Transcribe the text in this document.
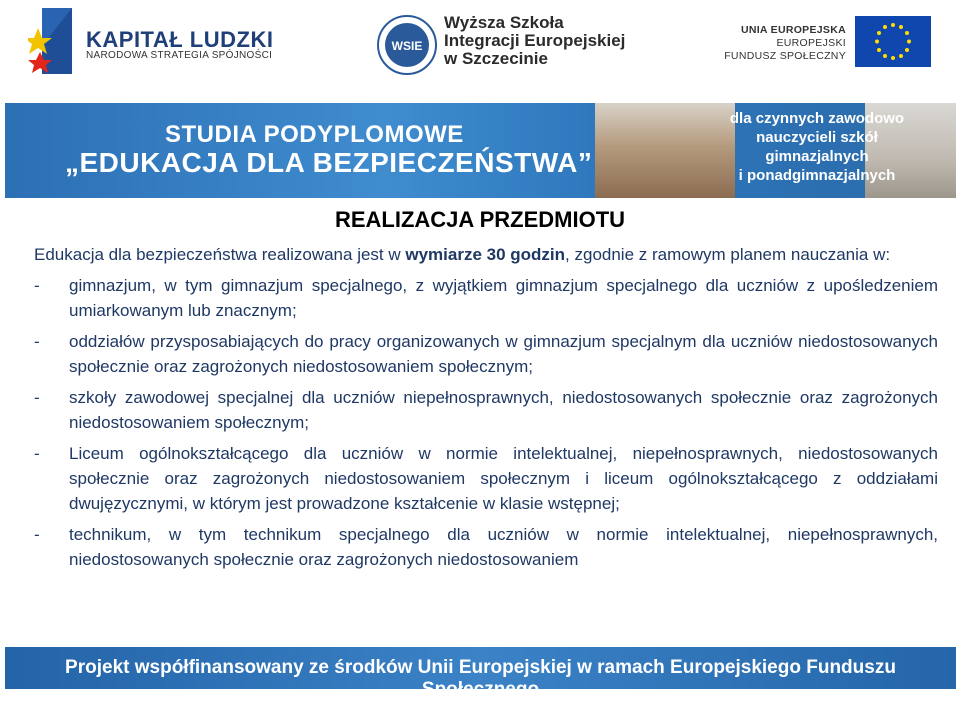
KAPITAŁ LUDZKI
NARODOWA STRATEGIA SPÓJNOŚCI
WSIE
Wyższa Szkoła
Integracji Europejskiej
w Szczecinie
UNIA EUROPEJSKA
EUROPEJSKI
FUNDUSZ SPOŁECZNY
STUDIA PODYPLOMOWE
„EDUKACJA DLA BEZPIECZEŃSTWA”
dla czynnych zawodowo
nauczycieli szkół
gimnazjalnych
i ponadgimnazjalnych
REALIZACJA PRZEDMIOTU

Edukacja dla bezpieczeństwa realizowana jest w wymiarze 30 godzin, zgodnie z ramowym planem nauczania w:

- gimnazjum, w tym gimnazjum specjalnego, z wyjątkiem gimnazjum specjalnego dla uczniów z upośledzeniem umiarkowanym lub znacznym;
- oddziałów przysposabiających do pracy organizowanych w gimnazjum specjalnym dla uczniów niedostosowanych społecznie oraz zagrożonych niedostosowaniem społecznym;
- szkoły zawodowej specjalnej dla uczniów niepełnosprawnych, niedostosowanych społecznie oraz zagrożonych niedostosowaniem społecznym;
- Liceum ogólnokształcącego dla uczniów w normie intelektualnej, niepełnosprawnych, niedostosowanych społecznie oraz zagrożonych niedostosowaniem społecznym i liceum ogólnokształcącego z oddziałami dwujęzycznymi, w którym jest prowadzone kształcenie w klasie wstępnej;
- technikum, w tym technikum specjalnego dla uczniów w normie intelektualnej, niepełnosprawnych, niedostosowanych społecznie oraz zagrożonych niedostosowaniem
Projekt współfinansowany ze środków Unii Europejskiej w ramach Europejskiego Funduszu Społecznego
